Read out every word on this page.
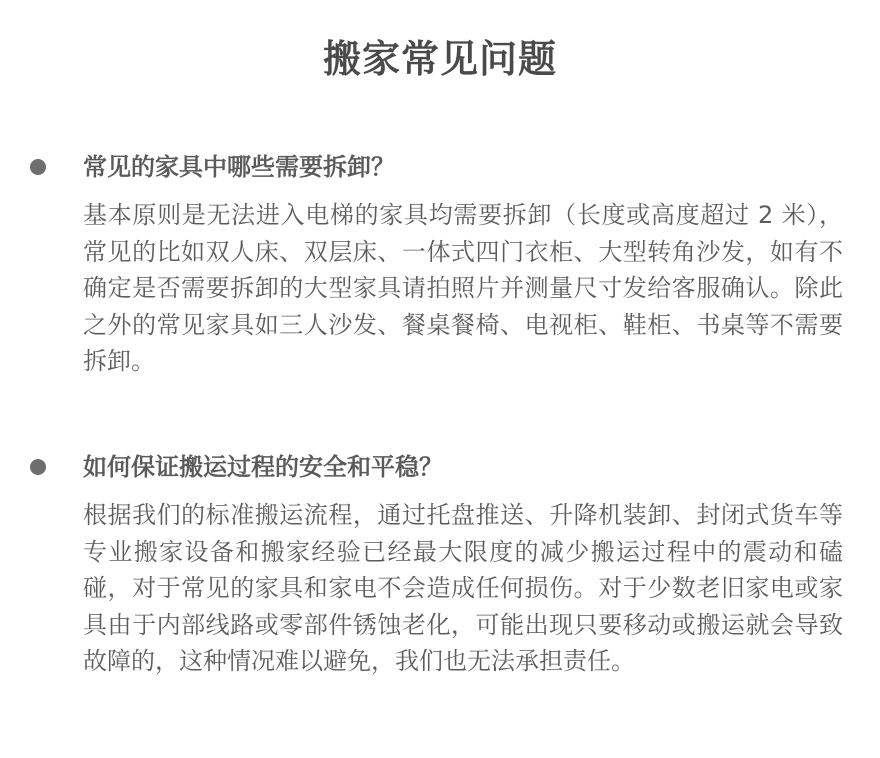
搬家常见问题
常见的家具中哪些需要拆卸？

基本原则是无法进入电梯的家具均需要拆卸（长度或高度超过 2 米），常见的比如双人床、双层床、一体式四门衣柜、大型转角沙发，如有不确定是否需要拆卸的大型家具请拍照片并测量尺寸发给客服确认。除此之外的常见家具如三人沙发、餐桌餐椅、电视柜、鞋柜、书桌等不需要拆卸。

如何保证搬运过程的安全和平稳？

根据我们的标准搬运流程，通过托盘推送、升降机装卸、封闭式货车等专业搬家设备和搬家经验已经最大限度的减少搬运过程中的震动和磕碰，对于常见的家具和家电不会造成任何损伤。对于少数老旧家电或家具由于内部线路或零部件锈蚀老化，可能出现只要移动或搬运就会导致故障的，这种情况难以避免，我们也无法承担责任。
